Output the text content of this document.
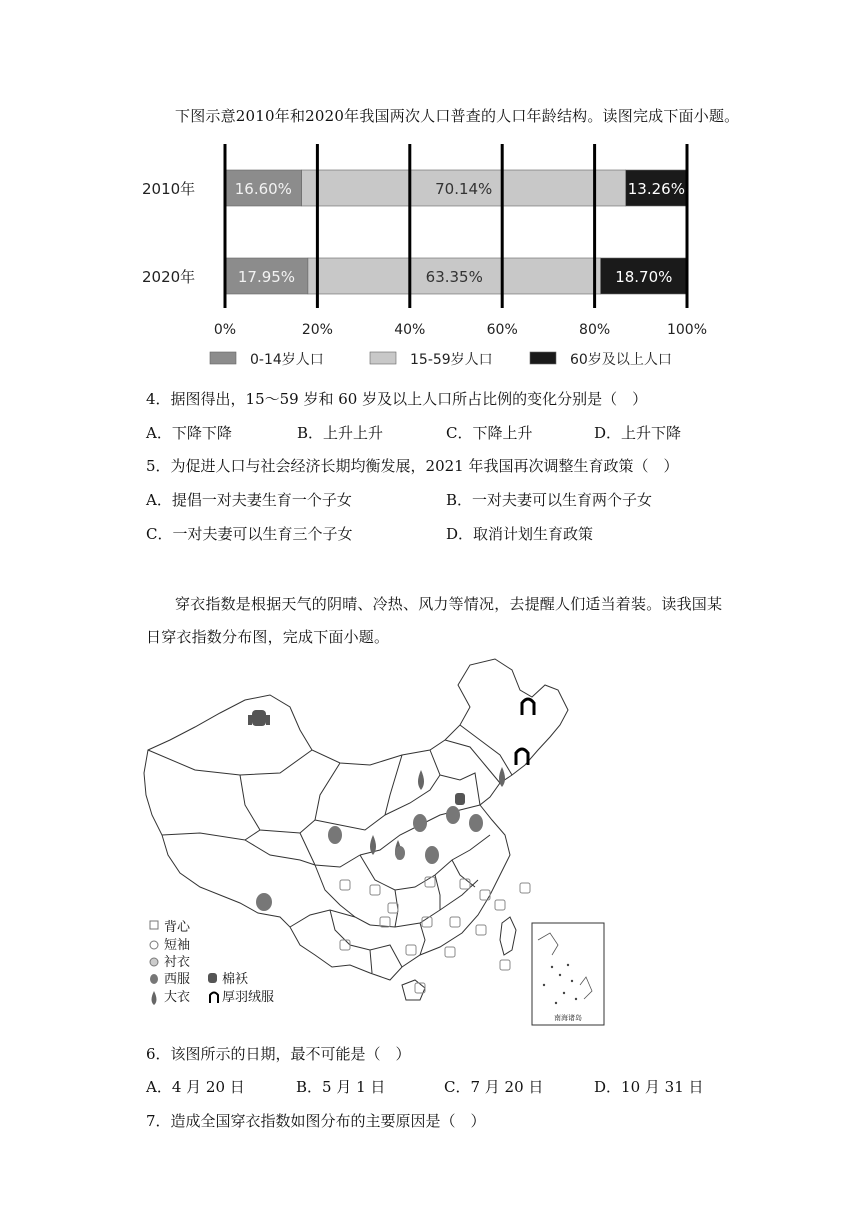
下图示意2010年和2020年我国两次人口普查的人口年龄结构。读图完成下面小题。
16.60%	70.14%	13.26%
2010年
17.95%	63.35%	18.70%
2020年
0%	20%	40%	60%	80%	100%
0-14岁人口	15-59岁人口	60岁及以上人口
4．据图得出，15～59 岁和 60 岁及以上人口所占比例的变化分别是（　）
A．下降下降	B．上升上升	C．下降上升	D．上升下降
5．为促进人口与社会经济长期均衡发展，2021 年我国再次调整生育政策（　）
A．提倡一对夫妻生育一个子女	B．一对夫妻可以生育两个子女
C．一对夫妻可以生育三个子女	D．取消计划生育政策
穿衣指数是根据天气的阴晴、冷热、风力等情况，去提醒人们适当着装。读我国某
日穿衣指数分布图，完成下面小题。
南海诸岛
背心
短袖
衬衣
西服
大衣
棉袄
厚羽绒服
6．该图所示的日期，最不可能是（　）
A．4 月 20 日	B．5 月 1 日	C．7 月 20 日	D．10 月 31 日
7．造成全国穿衣指数如图分布的主要原因是（　）
